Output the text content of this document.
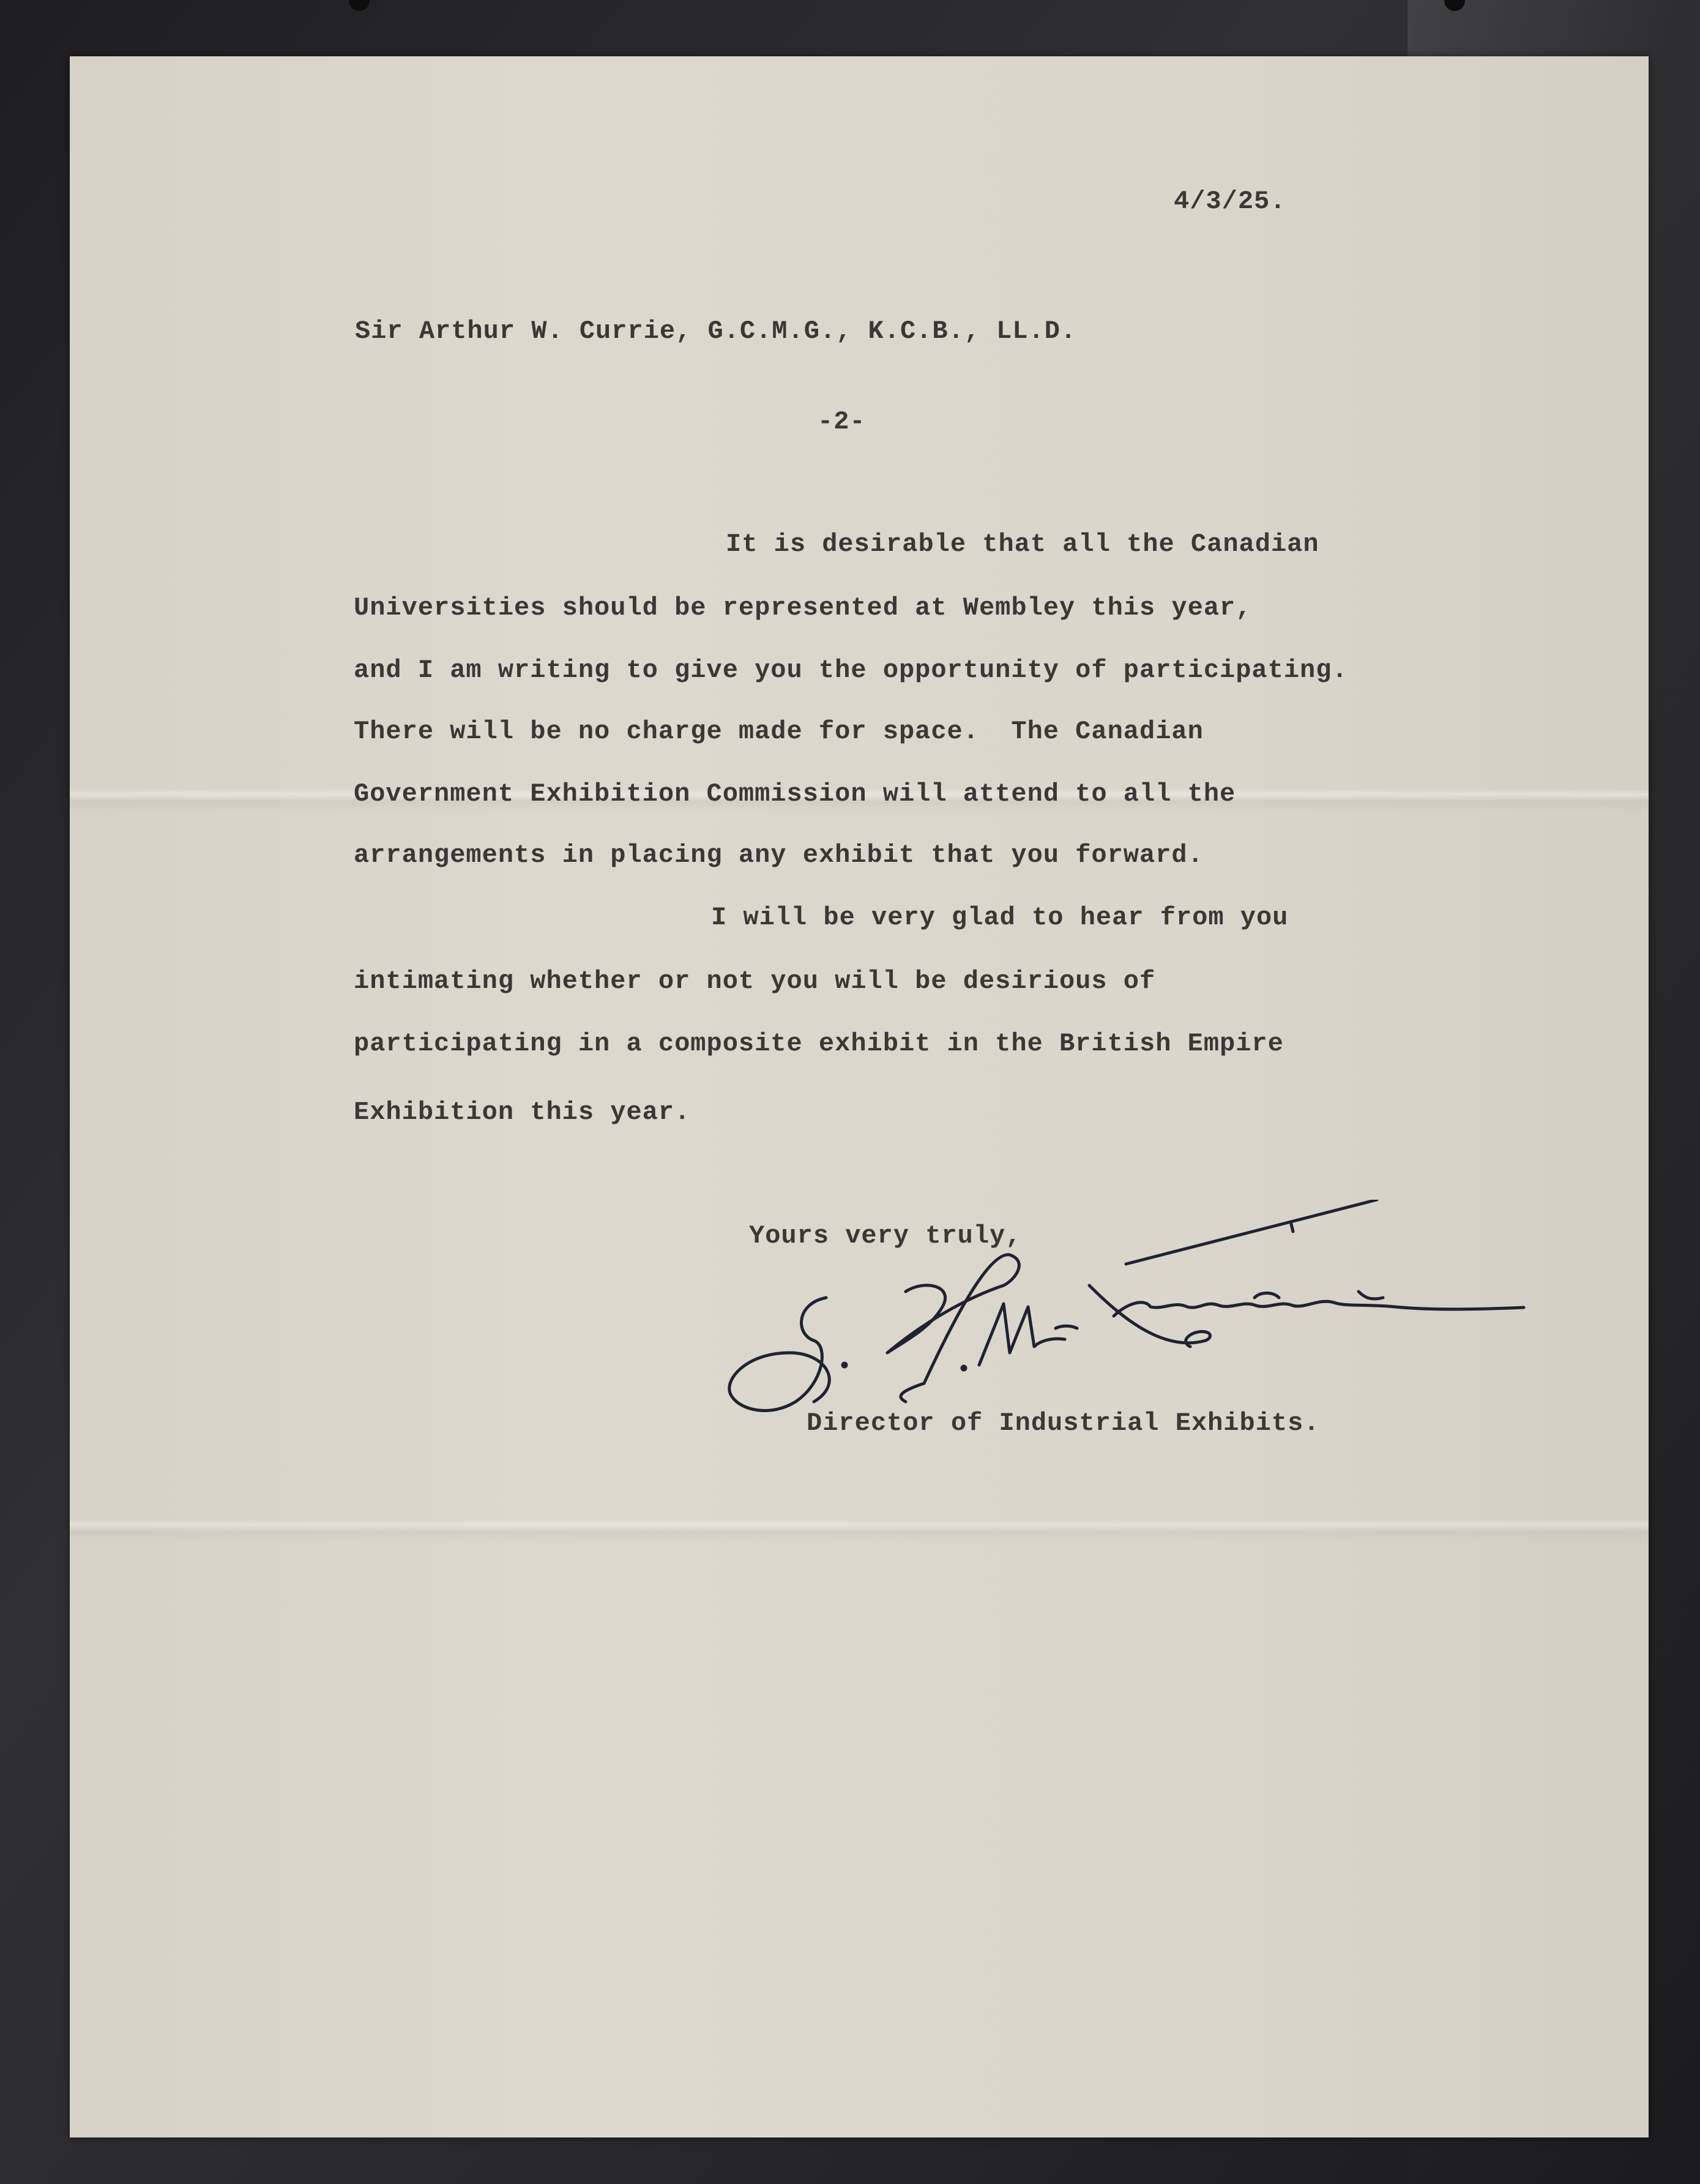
4/3/25.

Sir Arthur W. Currie, G.C.M.G., K.C.B., LL.D.

-2-

It is desirable that all the Canadian

Universities should be represented at Wembley this year,

and I am writing to give you the opportunity of participating.

There will be no charge made for space.  The Canadian

Government Exhibition Commission will attend to all the

arrangements in placing any exhibit that you forward.

I will be very glad to hear from you

intimating whether or not you will be desirious of

participating in a composite exhibit in the British Empire

Exhibition this year.

Yours very truly,

Director of Industrial Exhibits.
